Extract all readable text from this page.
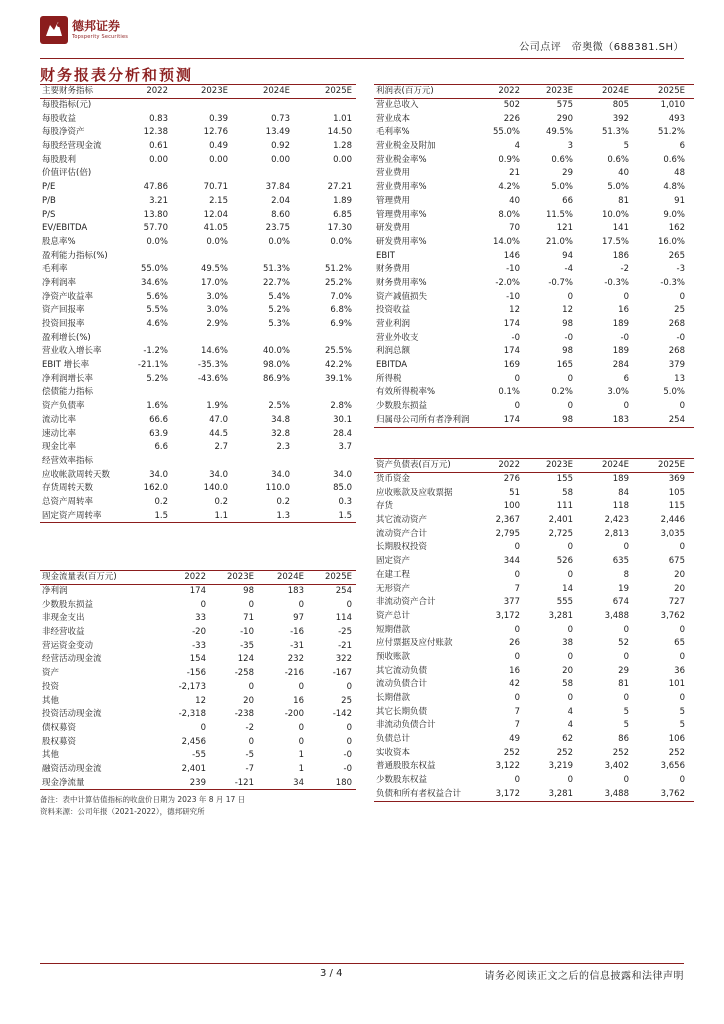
德邦证券
Topsperity Securities
公司点评　帝奥微（688381.SH）
财务报表分析和预测
主要财务指标	2022	2023E	2024E	2025E
每股指标(元)
每股收益	0.83	0.39	0.73	1.01
每股净资产	12.38	12.76	13.49	14.50
每股经营现金流	0.61	0.49	0.92	1.28
每股股利	0.00	0.00	0.00	0.00
价值评估(倍)
P/E	47.86	70.71	37.84	27.21
P/B	3.21	2.15	2.04	1.89
P/S	13.80	12.04	8.60	6.85
EV/EBITDA	57.70	41.05	23.75	17.30
股息率%	0.0%	0.0%	0.0%	0.0%
盈利能力指标(%)
毛利率	55.0%	49.5%	51.3%	51.2%
净利润率	34.6%	17.0%	22.7%	25.2%
净资产收益率	5.6%	3.0%	5.4%	7.0%
资产回报率	5.5%	3.0%	5.2%	6.8%
投资回报率	4.6%	2.9%	5.3%	6.9%
盈利增长(%)
营业收入增长率	-1.2%	14.6%	40.0%	25.5%
EBIT 增长率	-21.1%	-35.3%	98.0%	42.2%
净利润增长率	5.2%	-43.6%	86.9%	39.1%
偿债能力指标
资产负债率	1.6%	1.9%	2.5%	2.8%
流动比率	66.6	47.0	34.8	30.1
速动比率	63.9	44.5	32.8	28.4
现金比率	6.6	2.7	2.3	3.7
经营效率指标
应收帐款周转天数	34.0	34.0	34.0	34.0
存货周转天数	162.0	140.0	110.0	85.0
总资产周转率	0.2	0.2	0.2	0.3
固定资产周转率	1.5	1.1	1.3	1.5
利润表(百万元)	2022	2023E	2024E	2025E
营业总收入	502	575	805	1,010
营业成本	226	290	392	493
毛利率%	55.0%	49.5%	51.3%	51.2%
营业税金及附加	4	3	5	6
营业税金率%	0.9%	0.6%	0.6%	0.6%
营业费用	21	29	40	48
营业费用率%	4.2%	5.0%	5.0%	4.8%
管理费用	40	66	81	91
管理费用率%	8.0%	11.5%	10.0%	9.0%
研发费用	70	121	141	162
研发费用率%	14.0%	21.0%	17.5%	16.0%
EBIT	146	94	186	265
财务费用	-10	-4	-2	-3
财务费用率%	-2.0%	-0.7%	-0.3%	-0.3%
资产减值损失	-10	0	0	0
投资收益	12	12	16	25
营业利润	174	98	189	268
营业外收支	-0	-0	-0	-0
利润总额	174	98	189	268
EBITDA	169	165	284	379
所得税	0	0	6	13
有效所得税率%	0.1%	0.2%	3.0%	5.0%
少数股东损益	0	0	0	0
归属母公司所有者净利润	174	98	183	254
资产负债表(百万元)	2022	2023E	2024E	2025E
货币资金	276	155	189	369
应收账款及应收票据	51	58	84	105
存货	100	111	118	115
其它流动资产	2,367	2,401	2,423	2,446
流动资产合计	2,795	2,725	2,813	3,035
长期股权投资	0	0	0	0
固定资产	344	526	635	675
在建工程	0	0	8	20
无形资产	7	14	19	20
非流动资产合计	377	555	674	727
资产总计	3,172	3,281	3,488	3,762
短期借款	0	0	0	0
应付票据及应付账款	26	38	52	65
预收账款	0	0	0	0
其它流动负债	16	20	29	36
流动负债合计	42	58	81	101
长期借款	0	0	0	0
其它长期负债	7	4	5	5
非流动负债合计	7	4	5	5
负债总计	49	62	86	106
实收资本	252	252	252	252
普通股股东权益	3,122	3,219	3,402	3,656
少数股东权益	0	0	0	0
负债和所有者权益合计	3,172	3,281	3,488	3,762
现金流量表(百万元)	2022 2023E	2024E 2025E
净利润	174	98	183	254
少数股东损益	0	0	0	0
非现金支出	33	71	97	114
非经营收益	-20	-10	-16	-25
营运资金变动	-33	-35	-31	-21
经营活动现金流	154	124	232	322
资产	-156	-258	-216	-167
投资	-2,173	0	0	0
其他	12	20	16	25
投资活动现金流	-2,318	-238	-200	-142
债权募资	0	-2	0	0
股权募资	2,456	0	0	0
其他	-55	-5	1	-0
融资活动现金流	2,401	-7	1	-0
现金净流量	239	-121	34	180
备注：表中计算估值指标的收盘价日期为 2023 年 8 月 17 日
资料来源：公司年报（2021-2022），德邦研究所
3 / 4	请务必阅读正文之后的信息披露和法律声明
